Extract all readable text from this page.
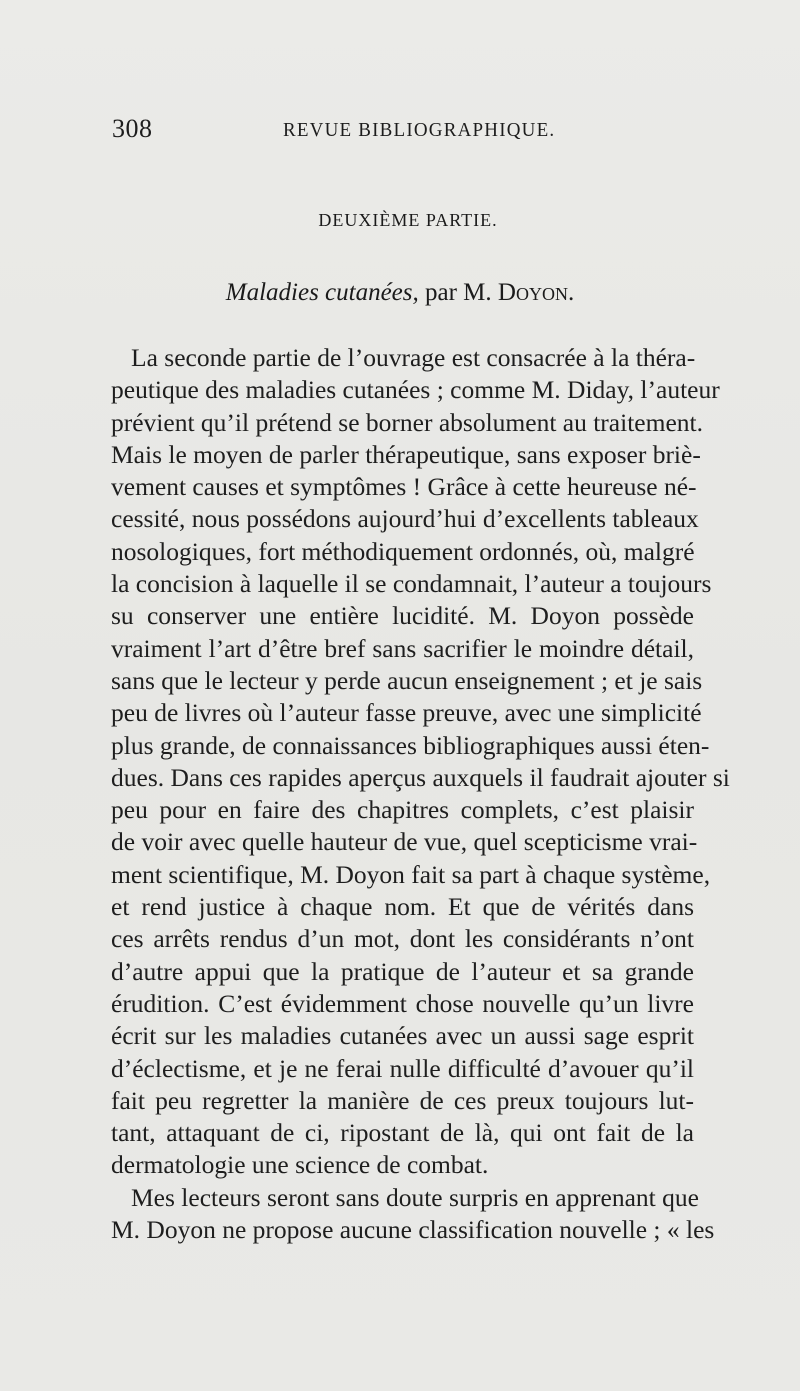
308	REVUE BIBLIOGRAPHIQUE.
DEUXIÈME PARTIE.
Maladies cutanées, par M. Doyon.
La seconde partie de l’ouvrage est consacrée à la théra-
peutique des maladies cutanées ; comme M. Diday, l’auteur
prévient qu’il prétend se borner absolument au traitement.
Mais le moyen de parler thérapeutique, sans exposer briè-
vement causes et symptômes ! Grâce à cette heureuse né-
cessité, nous possédons aujourd’hui d’excellents tableaux
nosologiques, fort méthodiquement ordonnés, où, malgré
la concision à laquelle il se condamnait, l’auteur a toujours
su conserver une entière lucidité. M. Doyon possède
vraiment l’art d’être bref sans sacrifier le moindre détail,
sans que le lecteur y perde aucun enseignement ; et je sais
peu de livres où l’auteur fasse preuve, avec une simplicité
plus grande, de connaissances bibliographiques aussi éten-
dues. Dans ces rapides aperçus auxquels il faudrait ajouter si
peu pour en faire des chapitres complets, c’est plaisir
de voir avec quelle hauteur de vue, quel scepticisme vrai-
ment scientifique, M. Doyon fait sa part à chaque système,
et rend justice à chaque nom. Et que de vérités dans
ces arrêts rendus d’un mot, dont les considérants n’ont
d’autre appui que la pratique de l’auteur et sa grande
érudition. C’est évidemment chose nouvelle qu’un livre
écrit sur les maladies cutanées avec un aussi sage esprit
d’éclectisme, et je ne ferai nulle difficulté d’avouer qu’il
fait peu regretter la manière de ces preux toujours lut-
tant, attaquant de ci, ripostant de là, qui ont fait de la
dermatologie une science de combat.
Mes lecteurs seront sans doute surpris en apprenant que
M. Doyon ne propose aucune classification nouvelle ; « les
